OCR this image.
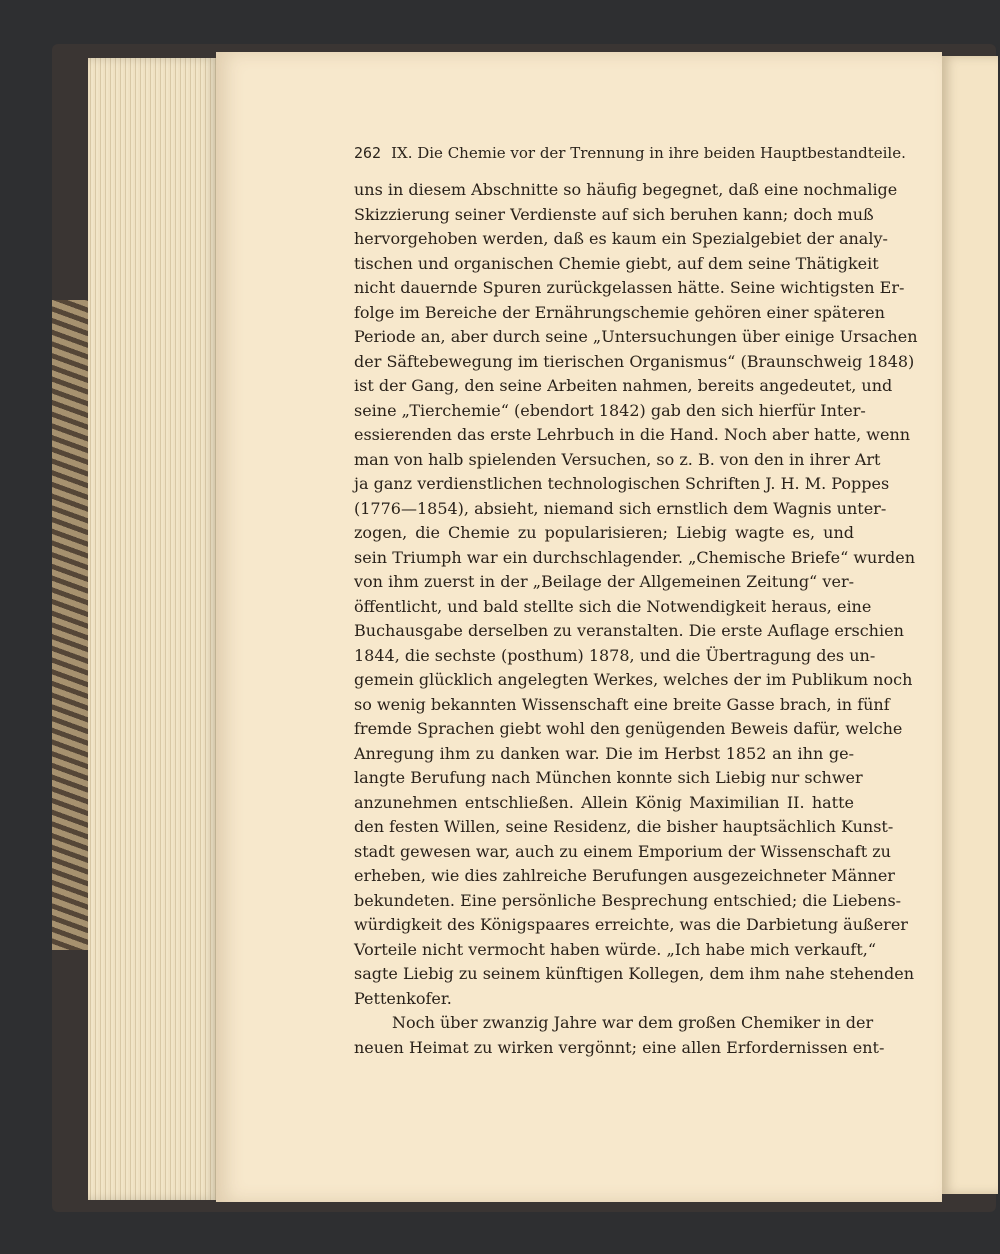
262 IX. Die Chemie vor der Trennung in ihre beiden Hauptbestandteile.
uns in diesem Abschnitte so häufig begegnet, daß eine nochmalige
Skizzierung seiner Verdienste auf sich beruhen kann; doch muß
hervorgehoben werden, daß es kaum ein Spezialgebiet der analy-
tischen und organischen Chemie giebt, auf dem seine Thätigkeit
nicht dauernde Spuren zurückgelassen hätte. Seine wichtigsten Er-
folge im Bereiche der Ernährungschemie gehören einer späteren
Periode an, aber durch seine „Untersuchungen über einige Ursachen
der Säftebewegung im tierischen Organismus“ (Braunschweig 1848)
ist der Gang, den seine Arbeiten nahmen, bereits angedeutet, und
seine „Tierchemie“ (ebendort 1842) gab den sich hierfür Inter-
essierenden das erste Lehrbuch in die Hand. Noch aber hatte, wenn
man von halb spielenden Versuchen, so z. B. von den in ihrer Art
ja ganz verdienstlichen technologischen Schriften J. H. M. Poppes
(1776—1854), absieht, niemand sich ernstlich dem Wagnis unter-
zogen, die Chemie zu popularisieren; Liebig wagte es, und
sein Triumph war ein durchschlagender. „Chemische Briefe“ wurden
von ihm zuerst in der „Beilage der Allgemeinen Zeitung“ ver-
öffentlicht, und bald stellte sich die Notwendigkeit heraus, eine
Buchausgabe derselben zu veranstalten. Die erste Auflage erschien
1844, die sechste (posthum) 1878, und die Übertragung des un-
gemein glücklich angelegten Werkes, welches der im Publikum noch
so wenig bekannten Wissenschaft eine breite Gasse brach, in fünf
fremde Sprachen giebt wohl den genügenden Beweis dafür, welche
Anregung ihm zu danken war. Die im Herbst 1852 an ihn ge-
langte Berufung nach München konnte sich Liebig nur schwer
anzunehmen entschließen. Allein König Maximilian II. hatte
den festen Willen, seine Residenz, die bisher hauptsächlich Kunst-
stadt gewesen war, auch zu einem Emporium der Wissenschaft zu
erheben, wie dies zahlreiche Berufungen ausgezeichneter Männer
bekundeten. Eine persönliche Besprechung entschied; die Liebens-
würdigkeit des Königspaares erreichte, was die Darbietung äußerer
Vorteile nicht vermocht haben würde. „Ich habe mich verkauft,“
sagte Liebig zu seinem künftigen Kollegen, dem ihm nahe stehenden
Pettenkofer.
Noch über zwanzig Jahre war dem großen Chemiker in der
neuen Heimat zu wirken vergönnt; eine allen Erfordernissen ent-
